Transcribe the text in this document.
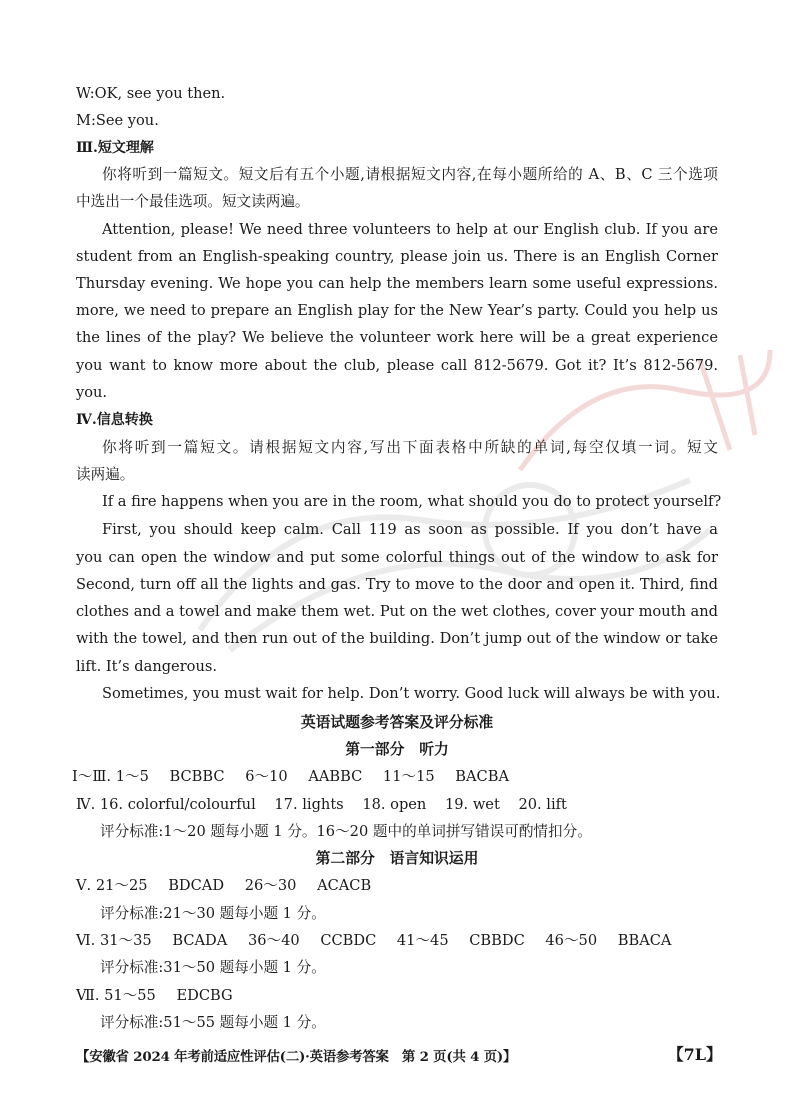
W:OK, see you then.
M:See you.
Ⅲ.短文理解
你将听到一篇短文。短文后有五个小题,请根据短文内容,在每小题所给的 A、B、C 三个选项
中选出一个最佳选项。短文读两遍。
Attention, please! We need three volunteers to help at our English club. If you are
student from an English-speaking country, please join us. There is an English Corner
Thursday evening. We hope you can help the members learn some useful expressions.
more, we need to prepare an English play for the New Year’s party. Could you help us
the lines of the play? We believe the volunteer work here will be a great experience
you want to know more about the club, please call 812-5679. Got it? It’s 812-5679.
you.
Ⅳ.信息转换
你将听到一篇短文。请根据短文内容,写出下面表格中所缺的单词,每空仅填一词。短文
读两遍。
If a fire happens when you are in the room, what should you do to protect yourself?
First, you should keep calm. Call 119 as soon as possible. If you don’t have a
you can open the window and put some colorful things out of the window to ask for
Second, turn off all the lights and gas. Try to move to the door and open it. Third, find
clothes and a towel and make them wet. Put on the wet clothes, cover your mouth and
with the towel, and then run out of the building. Don’t jump out of the window or take
lift. It’s dangerous.
Sometimes, you must wait for help. Don’t worry. Good luck will always be with you.
英语试题参考答案及评分标准
第一部分　听力
Ⅰ～Ⅲ. 1～5 BCBBC 6～10 AABBC 11～15 BACBA
Ⅳ. 16. colorful/colourful 17. lights 18. open 19. wet 20. lift
评分标准:1～20 题每小题 1 分。16～20 题中的单词拼写错误可酌情扣分。
第二部分　语言知识运用
Ⅴ. 21～25 BDCAD 26～30 ACACB
评分标准:21～30 题每小题 1 分。
Ⅵ. 31～35 BCADA 36～40 CCBDC 41～45 CBBDC 46～50 BBACA
评分标准:31～50 题每小题 1 分。
Ⅶ. 51～55 EDCBG
评分标准:51～55 题每小题 1 分。
【安徽省 2024 年考前适应性评估(二)·英语参考答案　第 2 页(共 4 页)】	【7L】
